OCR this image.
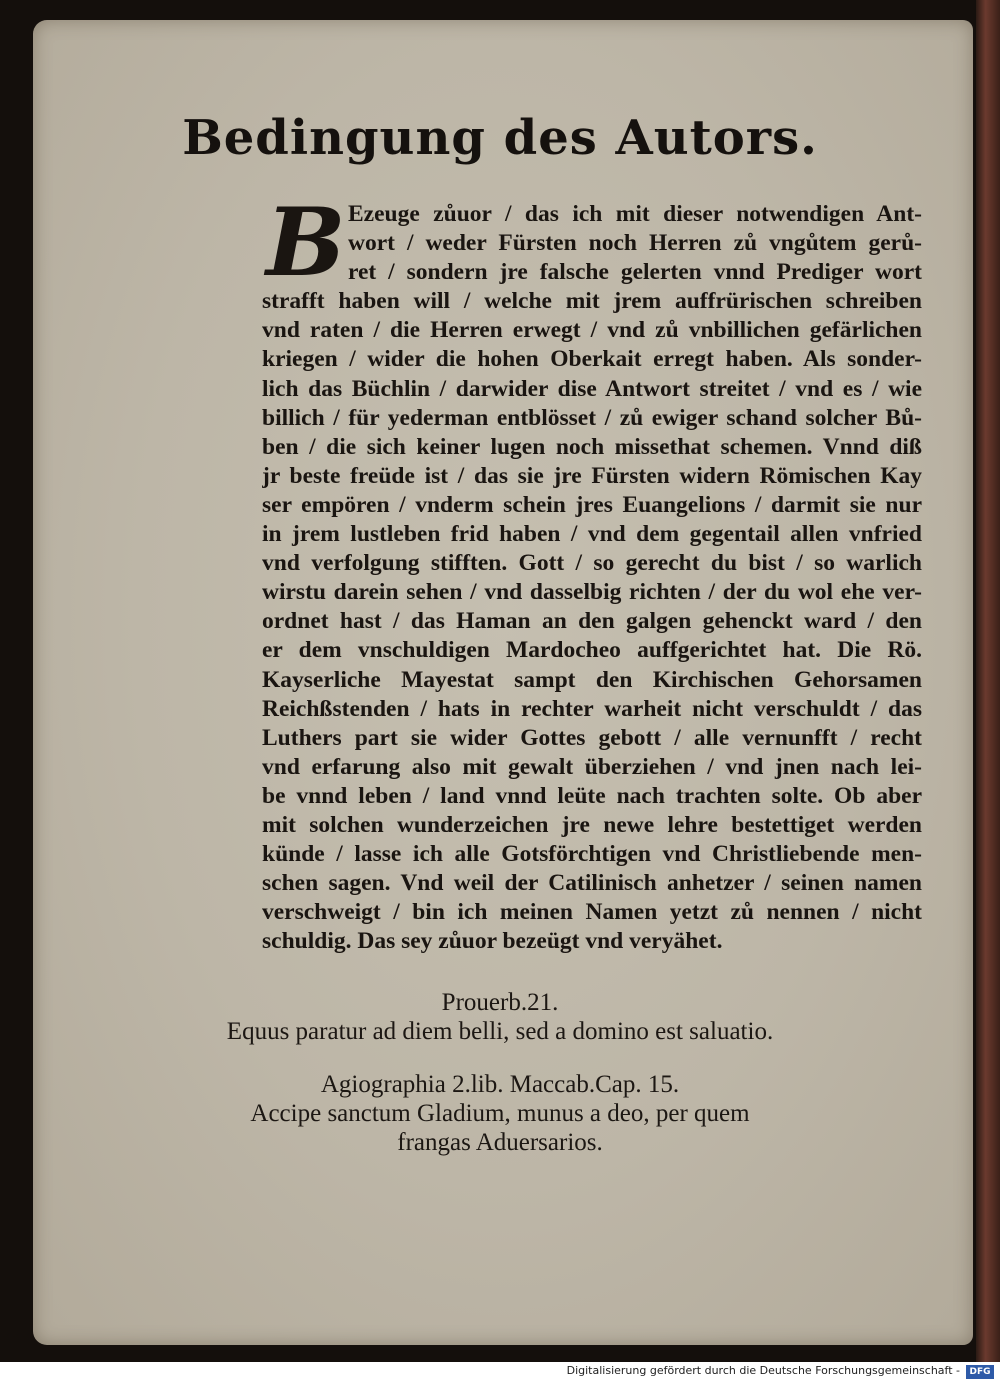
Bedingung des Autors.
Ezeuge zůuor / das ich mit dieser notwendigen Ant-
wort / weder Fürsten noch Herren zů vngůtem gerů-
ret / sondern jre falsche gelerten vnnd Prediger wort
strafft haben will / welche mit jrem auffrürischen schreiben
vnd raten / die Herren erwegt / vnd zů vnbillichen gefärlichen
kriegen / wider die hohen Oberkait erregt haben. Als sonder-
lich das Büchlin / darwider dise Antwort streitet / vnd es / wie
billich / für yederman entblösset / zů ewiger schand solcher Bů-
ben / die sich keiner lugen noch missethat schemen. Vnnd diß
jr beste freüde ist / das sie jre Fürsten widern Römischen Kay
ser empören / vnderm schein jres Euangelions / darmit sie nur
in jrem lustleben frid haben / vnd dem gegentail allen vnfried
vnd verfolgung stifften. Gott / so gerecht du bist / so warlich
wirstu darein sehen / vnd dasselbig richten / der du wol ehe ver-
ordnet hast / das Haman an den galgen gehenckt ward / den
er dem vnschuldigen Mardocheo auffgerichtet hat. Die Rö.
Kayserliche Mayestat sampt den Kirchischen Gehorsamen
Reichßstenden / hats in rechter warheit nicht verschuldt / das
Luthers part sie wider Gottes gebott / alle vernunfft / recht
vnd erfarung also mit gewalt überziehen / vnd jnen nach lei-
be vnnd leben / land vnnd leüte nach trachten solte. Ob aber
mit solchen wunderzeichen jre newe lehre bestettiget werden
künde / lasse ich alle Gotsförchtigen vnd Christliebende men-
schen sagen. Vnd weil der Catilinisch anhetzer / seinen namen
verschweigt / bin ich meinen Namen yetzt zů nennen / nicht
schuldig. Das sey zůuor bezeügt vnd veryähet.
Prouerb.21.
Equus paratur ad diem belli, sed a domino est saluatio.
Agiographia 2.lib. Maccab.Cap. 15.
Accipe sanctum Gladium, munus a deo, per quem
frangas Aduersarios.
Digitalisierung gefördert durch die Deutsche Forschungsgemeinschaft -	DFG
B
